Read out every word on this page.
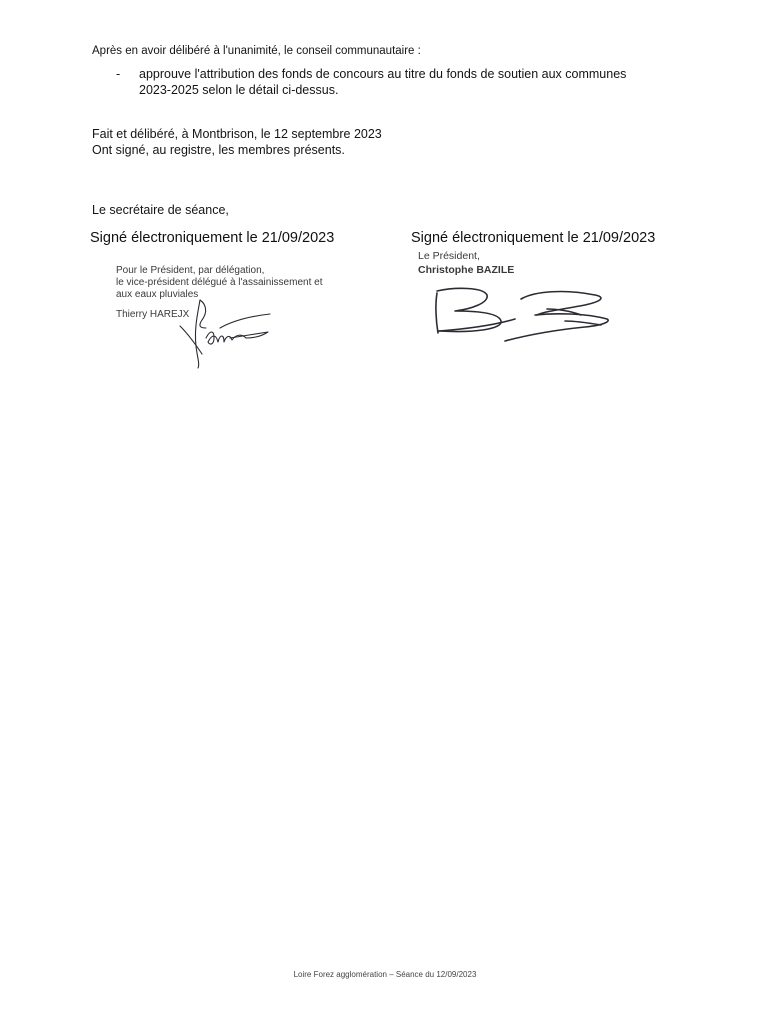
Après en avoir délibéré à l'unanimité, le conseil communautaire :
- approuve l'attribution des fonds de concours au titre du fonds de soutien aux communes
2023-2025 selon le détail ci-dessus.
Fait et délibéré, à Montbrison, le 12 septembre 2023
Ont signé, au registre, les membres présents.
Le secrétaire de séance,
Signé électroniquement le 21/09/2023	Signé électroniquement le 21/09/2023
Pour le Président, par délégation,
le vice-président délégué à l'assainissement et
aux eaux pluviales
Thierry HAREJX
Le Président,
Christophe BAZILE
Loire Forez agglomération – Séance du 12/09/2023
